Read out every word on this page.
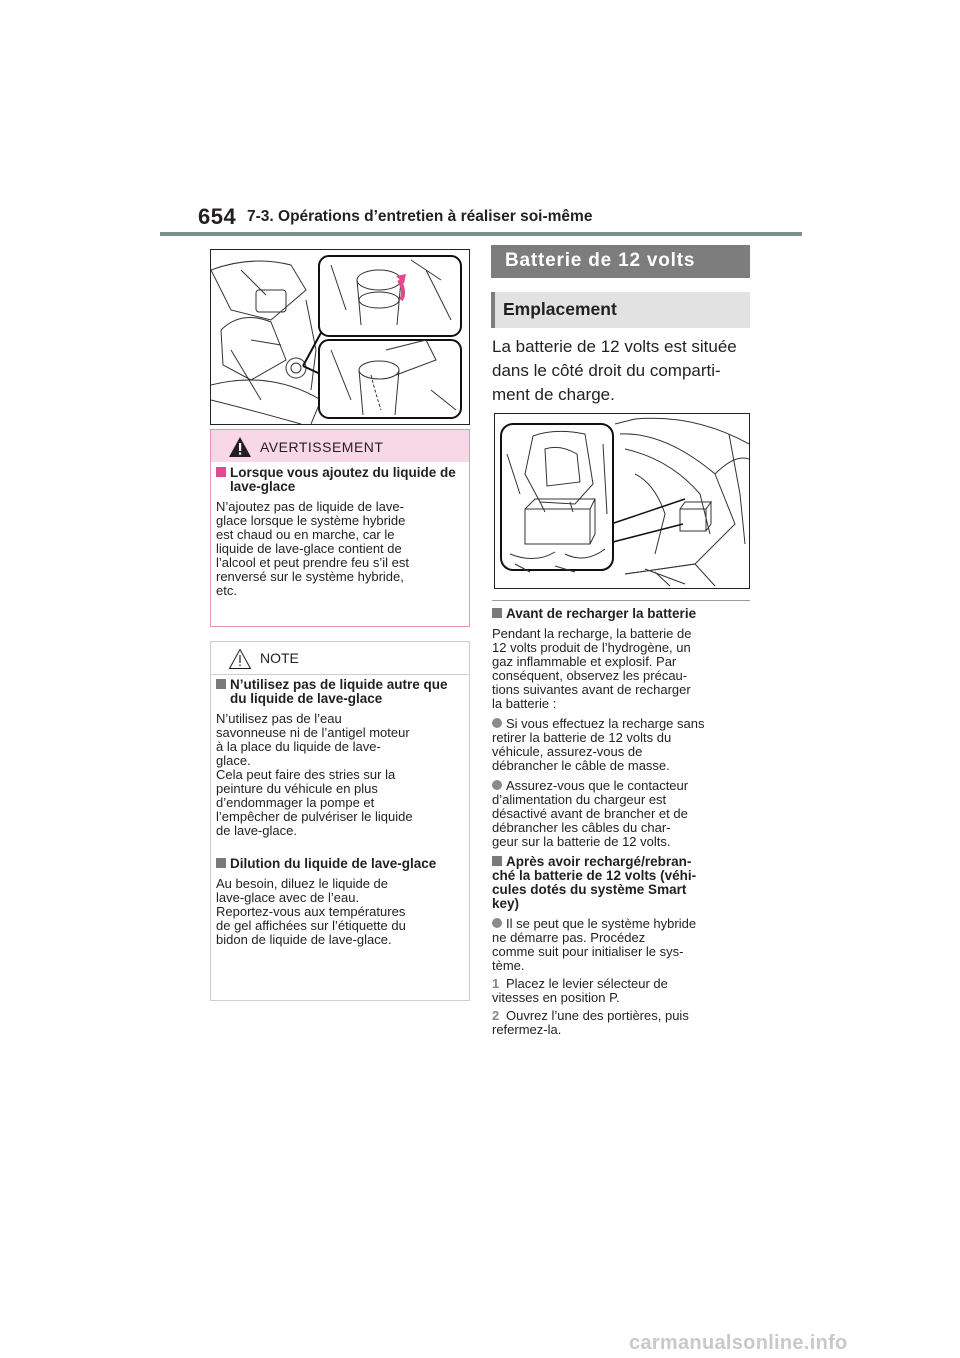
654 7-3. Opérations d’entretien à réaliser soi-même
AVERTISSEMENT

Lorsque vous ajoutez du liquide de lave-glace

N’ajoutez pas de liquide de lave-

glace lorsque le système hybride

est chaud ou en marche, car le

liquide de lave-glace contient de

l’alcool et peut prendre feu s’il est

renversé sur le système hybride,

etc.

NOTE

N’utilisez pas de liquide autre que du liquide de lave-glace

N’utilisez pas de l’eau

savonneuse ni de l’antigel moteur

à la place du liquide de lave-

glace.

Cela peut faire des stries sur la

peinture du véhicule en plus

d’endommager la pompe et

l’empêcher de pulvériser le liquide

de lave-glace.

Dilution du liquide de lave-glace

Au besoin, diluez le liquide de

lave-glace avec de l’eau.

Reportez-vous aux températures

de gel affichées sur l’étiquette du

bidon de liquide de lave-glace.

Batterie de 12 volts
Emplacement

La batterie de 12 volts est située

dans le côté droit du comparti-

ment de charge.

Avant de recharger la batterie

Pendant la recharge, la batterie de

12 volts produit de l’hydrogène, un

gaz inflammable et explosif. Par

conséquent, observez les précau-

tions suivantes avant de recharger

la batterie :

Si vous effectuez la recharge sans

retirer la batterie de 12 volts du

véhicule, assurez-vous de

débrancher le câble de masse.

Assurez-vous que le contacteur

d’alimentation du chargeur est

désactivé avant de brancher et de

débrancher les câbles du char-

geur sur la batterie de 12 volts.

Après avoir rechargé/rebran-

ché la batterie de 12 volts (véhi-

cules dotés du système Smart

key)

Il se peut que le système hybride

ne démarre pas. Procédez

comme suit pour initialiser le sys-

tème.

1 Placez le levier sélecteur de

vitesses en position P.

2 Ouvrez l’une des portières, puis

refermez-la.

carmanualsonline.info
